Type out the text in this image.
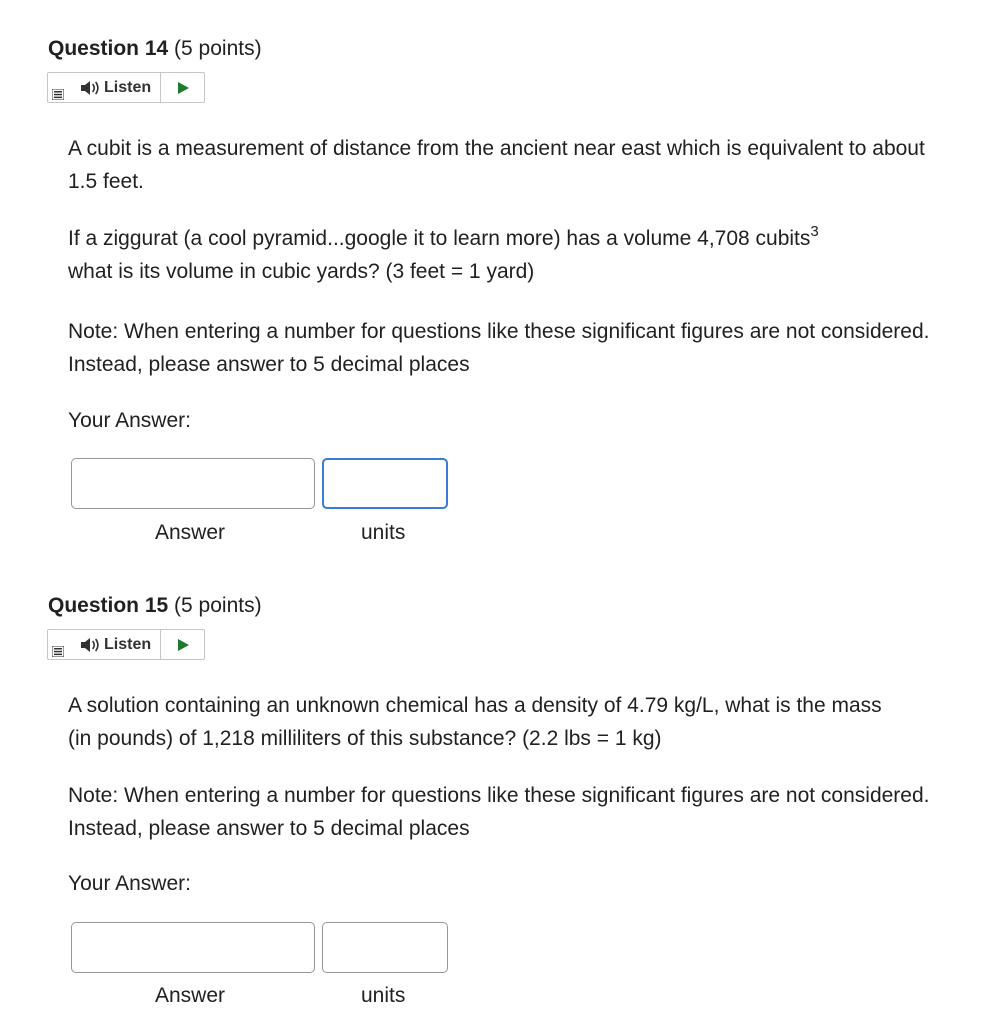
Question 14 (5 points)
Listen

A cubit is a measurement of distance from the ancient near east which is equivalent to about 1.5 feet.

If a ziggurat (a cool pyramid...google it to learn more) has a volume 4,708 cubits$^3$ what is its volume in cubic yards? (3 feet = 1 yard)

Note: When entering a number for questions like these significant figures are not considered. Instead, please answer to 5 decimal places

Your Answer:
Answer	units
Question 15 (5 points)
Listen

A solution containing an unknown chemical has a density of 4.79 kg/L, what is the mass (in pounds) of 1,218 milliliters of this substance? (2.2 lbs = 1 kg)

Note: When entering a number for questions like these significant figures are not considered. Instead, please answer to 5 decimal places

Your Answer:
Answer	units
